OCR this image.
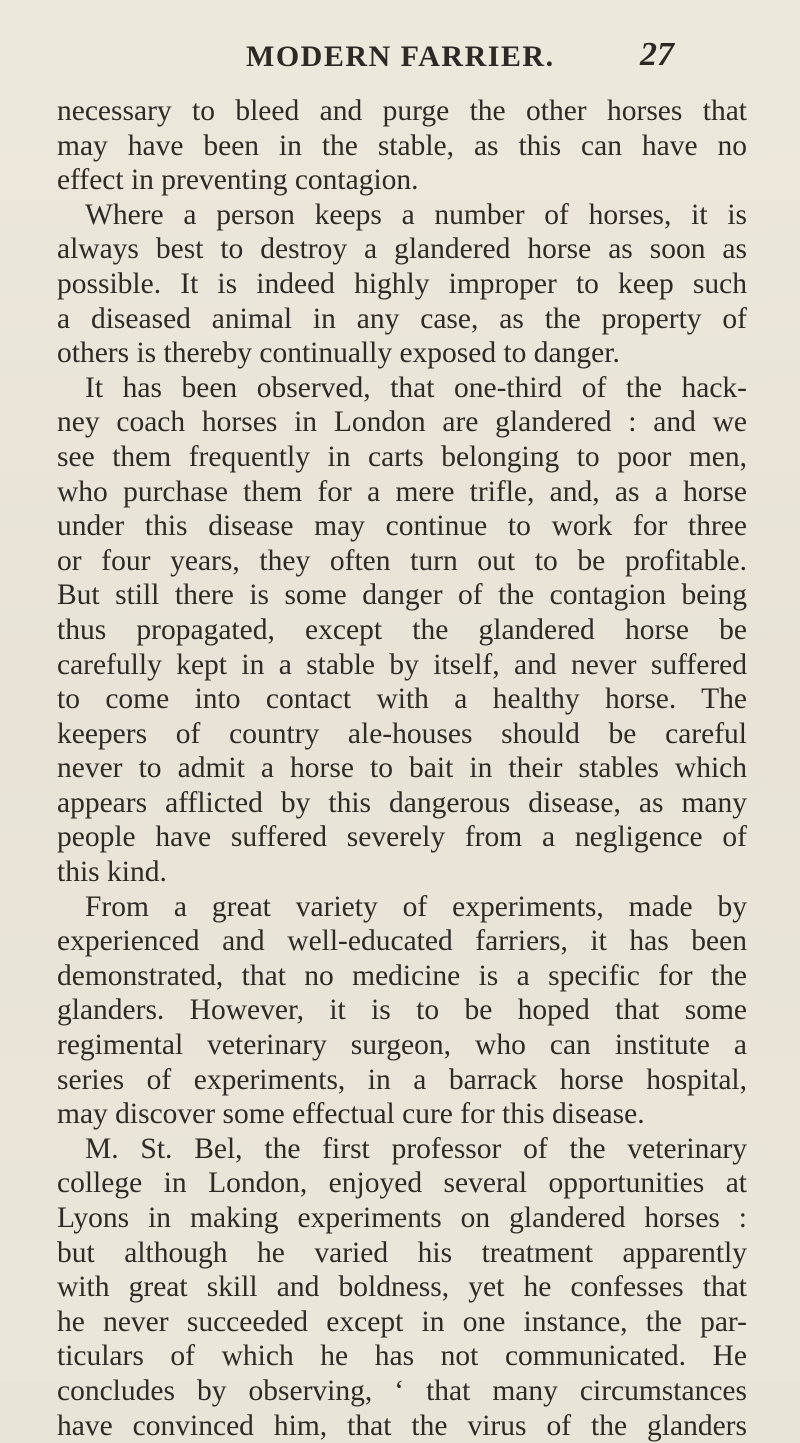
MODERN FARRIER.	27
necessary to bleed and purge the other horses that
may have been in the stable, as this can have no
effect in preventing contagion.
Where a person keeps a number of horses, it is
always best to destroy a glandered horse as soon as
possible. It is indeed highly improper to keep such
a diseased animal in any case, as the property of
others is thereby continually exposed to danger.
It has been observed, that one-third of the hack-
ney coach horses in London are glandered : and we
see them frequently in carts belonging to poor men,
who purchase them for a mere trifle, and, as a horse
under this disease may continue to work for three
or four years, they often turn out to be profitable.
But still there is some danger of the contagion being
thus propagated, except the glandered horse be
carefully kept in a stable by itself, and never suffered
to come into contact with a healthy horse. The
keepers of country ale-houses should be careful
never to admit a horse to bait in their stables which
appears afflicted by this dangerous disease, as many
people have suffered severely from a negligence of
this kind.
From a great variety of experiments, made by
experienced and well-educated farriers, it has been
demonstrated, that no medicine is a specific for the
glanders. However, it is to be hoped that some
regimental veterinary surgeon, who can institute a
series of experiments, in a barrack horse hospital,
may discover some effectual cure for this disease.
M. St. Bel, the first professor of the veterinary
college in London, enjoyed several opportunities at
Lyons in making experiments on glandered horses :
but although he varied his treatment apparently
with great skill and boldness, yet he confesses that
he never succeeded except in one instance, the par-
ticulars of which he has not communicated. He
concludes by observing, ‘ that many circumstances
have convinced him, that the virus of the glanders
